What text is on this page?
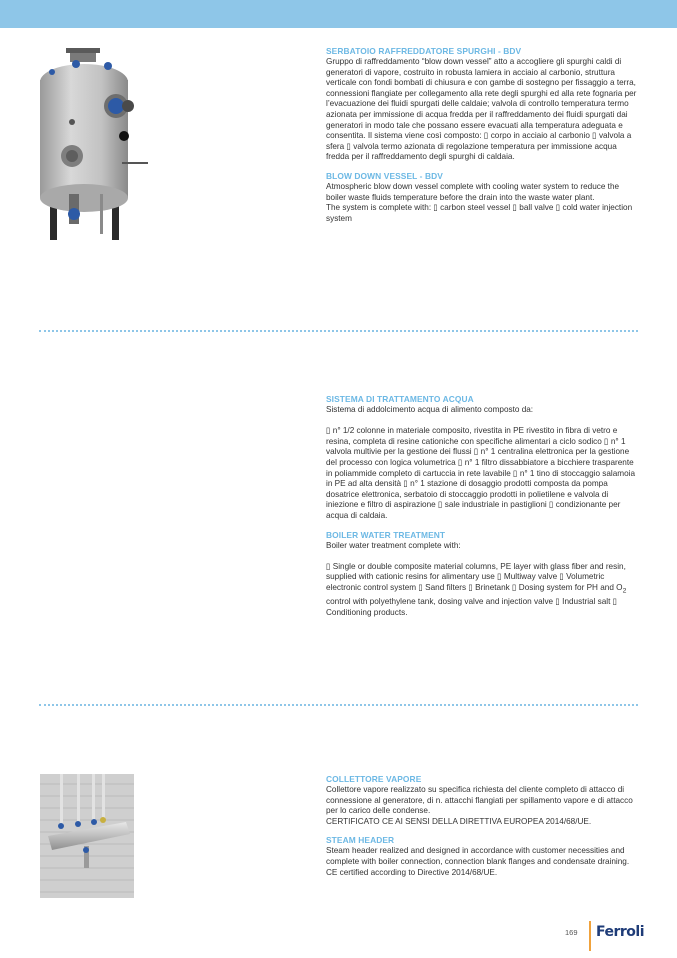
SERBATOIO RAFFREDDATORE SPURGHI - BDV

Gruppo di raffreddamento “blow down vessel” atto a accogliere gli spurghi caldi di generatori di vapore, costruito in robusta lamiera in acciaio al carbonio, struttura verticale con fondi bombati di chiusura e con gambe di sostegno per fissaggio a terra, connessioni flangiate per collegamento alla rete degli spurghi ed alla rete fognaria per l’evacuazione dei fluidi spurgati delle caldaie; valvola di controllo temperatura termo azionata per immissione di acqua fredda per il raffreddamento dei fluidi spurgati dai generatori in modo tale che possano essere evacuati alla temperatura adeguata e consentita. Il sistema viene così composto: ▯ corpo in acciaio al carbonio ▯ valvola a sfera ▯ valvola termo azionata di regolazione temperatura per immissione acqua fredda per il raffreddamento degli spurghi di caldaia.

BLOW DOWN VESSEL - BDV

Atmospheric blow down vessel complete with cooling water system to reduce the boiler waste fluids temperature before the drain into the waste water plant.

The system is complete with: ▯ carbon steel vessel ▯ ball valve ▯ cold water injection system

SISTEMA DI TRATTAMENTO ACQUA

Sistema di addolcimento acqua di alimento composto da:

▯ n° 1/2 colonne in materiale composito, rivestita in PE rivestito in fibra di vetro e resina, completa di resine cationiche con specifiche alimentari a ciclo sodico ▯ n° 1 valvola multivie per la gestione dei flussi ▯ n° 1 centralina elettronica per la gestione del processo con logica volumetrica ▯ n° 1 filtro dissabbiatore a bicchiere trasparente in poliammide completo di cartuccia in rete lavabile ▯ n° 1 tino di stoccaggio salamoia in PE ad alta densità ▯ n° 1 stazione di dosaggio prodotti composta da pompa dosatrice elettronica, serbatoio di stoccaggio prodotti in polietilene e valvola di iniezione e filtro di aspirazione ▯ sale industriale in pastiglioni ▯ condizionante per acqua di caldaia.

BOILER WATER TREATMENT

Boiler water treatment complete with:

▯ Single or double composite material columns, PE layer with glass fiber and resin, supplied with cationic resins for alimentary use ▯ Multiway valve ▯ Volumetric electronic control system ▯ Sand filters ▯ Brinetank ▯ Dosing system for PH and $O_2$ control with polyethylene tank, dosing valve and injection valve ▯ Industrial salt ▯ Conditioning products.

COLLETTORE VAPORE

Collettore vapore realizzato su specifica richiesta del cliente completo di attacco di connessione al generatore, di n. attacchi flangiati per spillamento vapore e di attacco per lo carico delle condense.

CERTIFICATO CE AI SENSI DELLA DIRETTIVA EUROPEA 2014/68/UE.

STEAM HEADER

Steam header realized and designed in accordance with customer necessities and complete with boiler connection, connection blank flanges and condensate draining.

CE certified according to Directive 2014/68/UE.

169 Ferroli
